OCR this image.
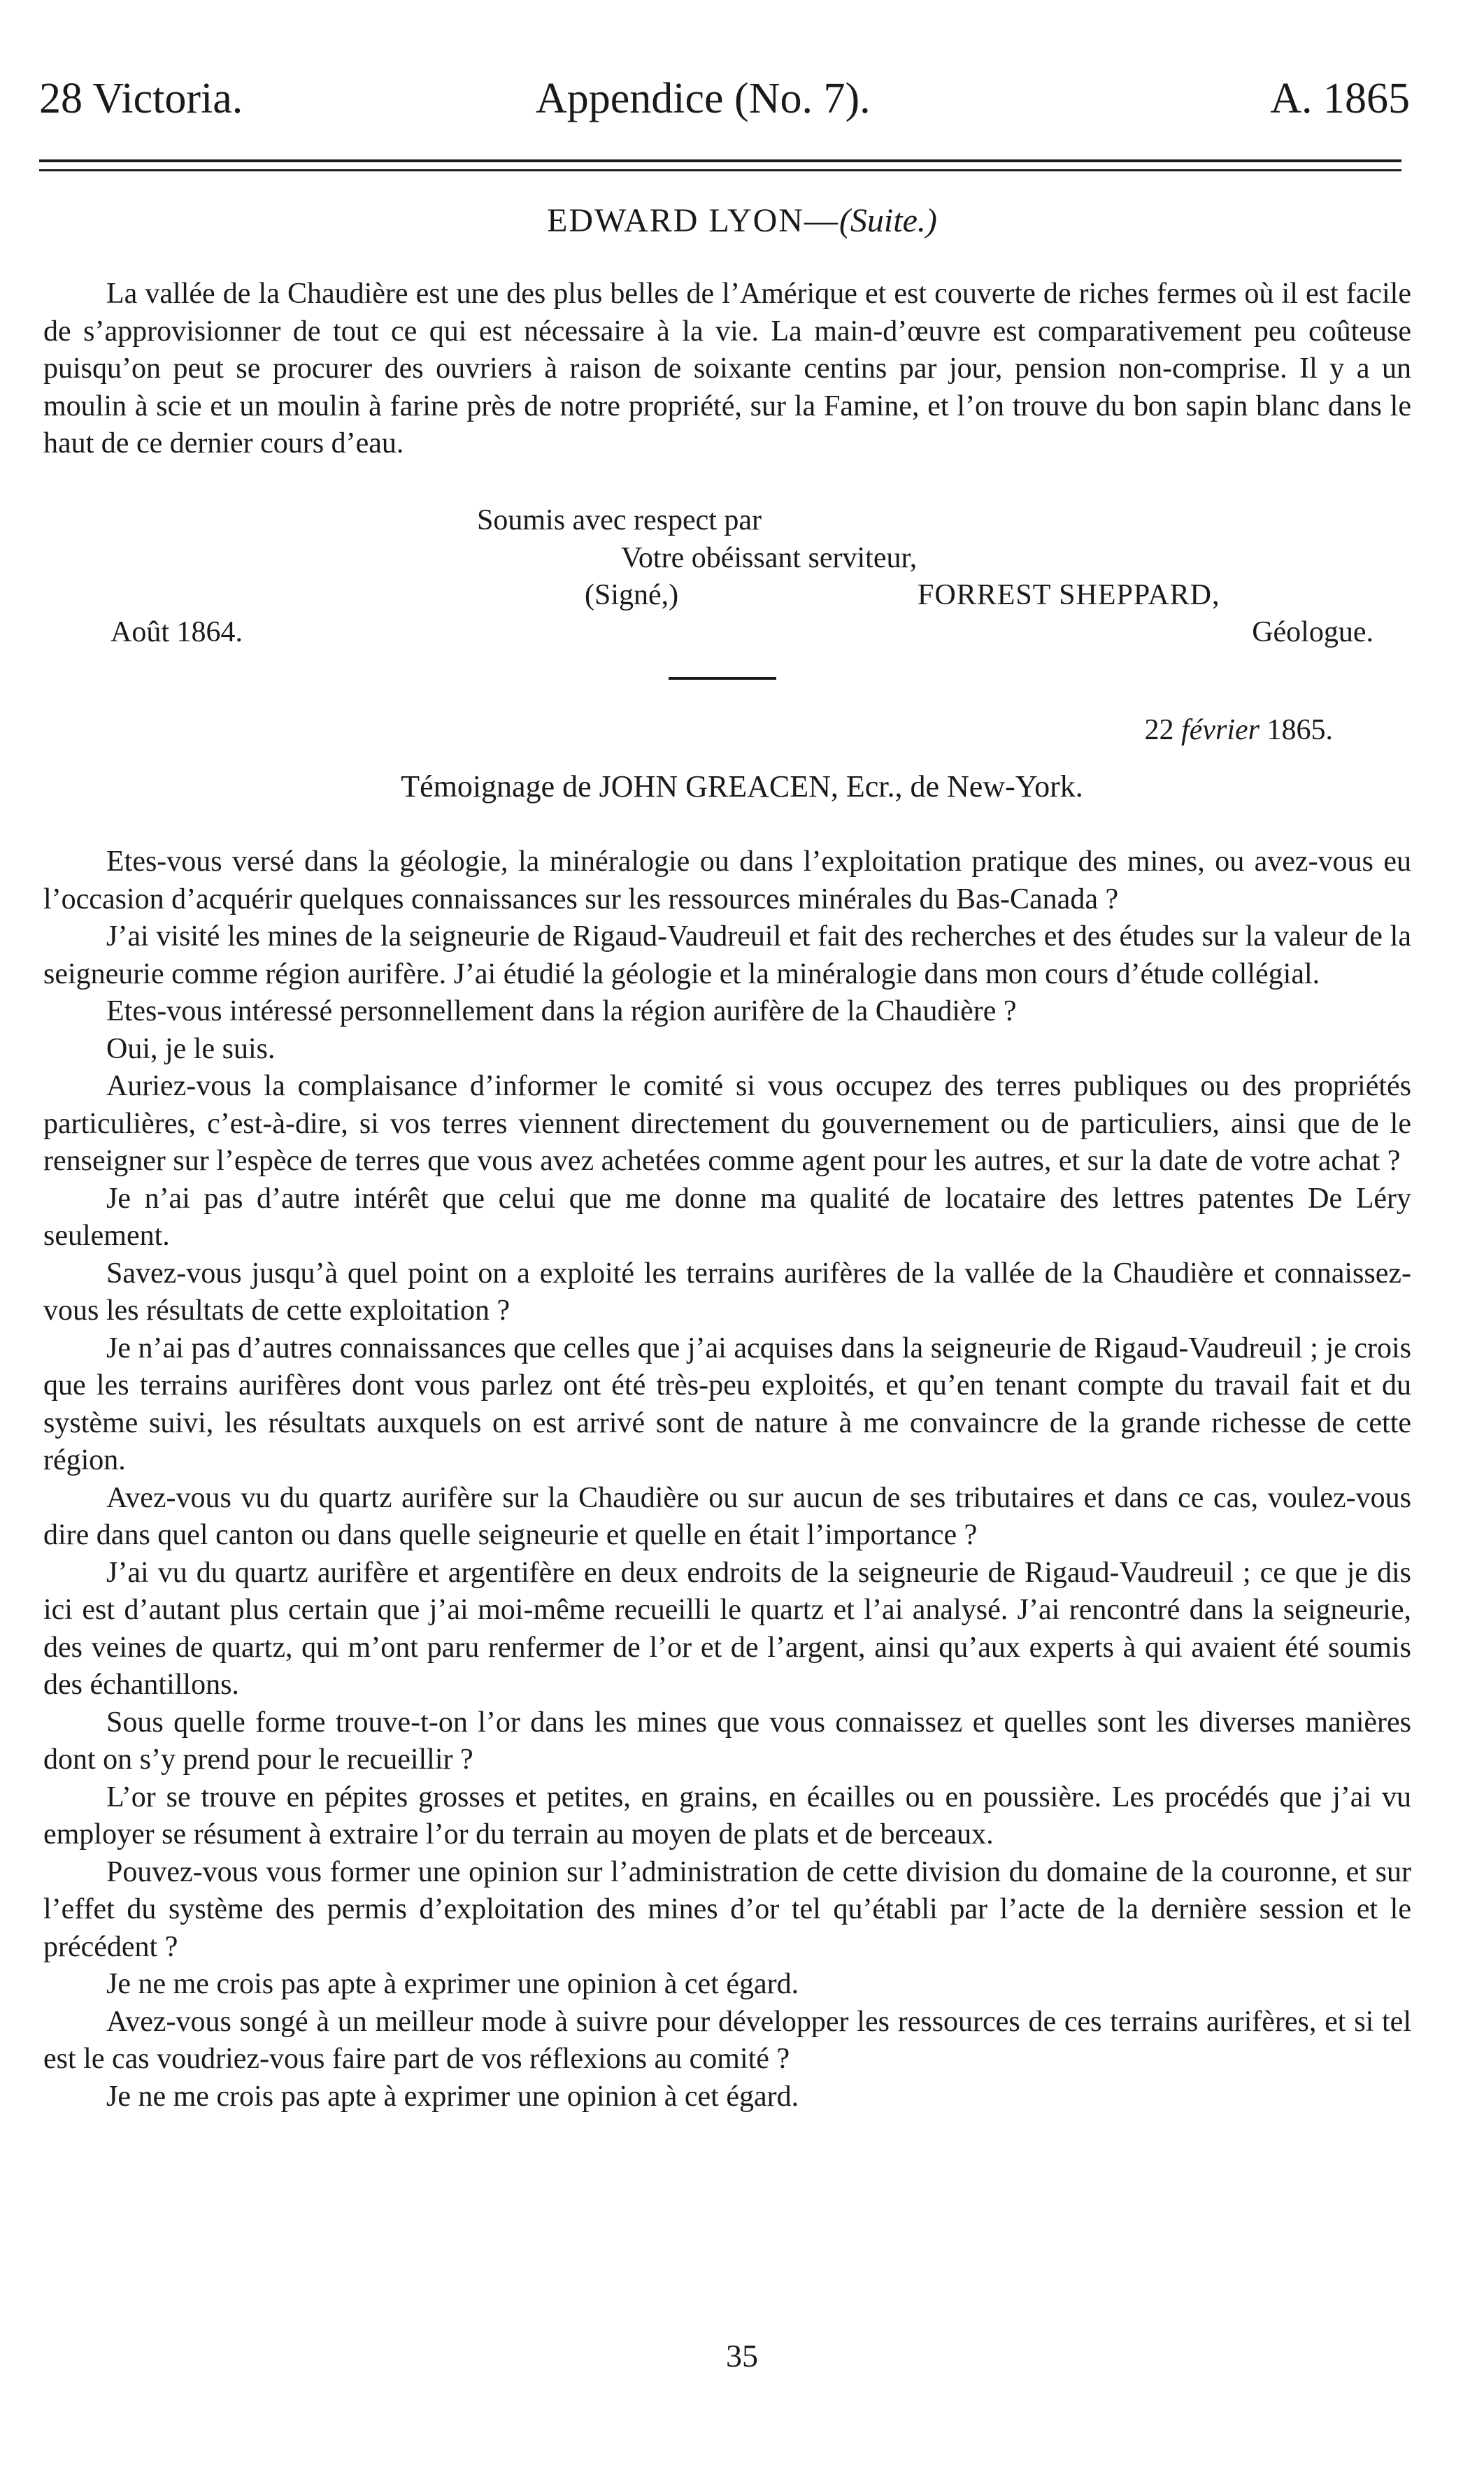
28 Victoria.	Appendice (No. 7).	A. 1865
EDWARD LYON—(Suite.)

La vallée de la Chaudière est une des plus belles de l’Amérique et est couverte de riches fermes où il est facile de s’approvisionner de tout ce qui est nécessaire à la vie. La main-d’œuvre est comparativement peu coûteuse puisqu’on peut se procurer des ouvriers à raison de soixante centins par jour, pension non-comprise. Il y a un moulin à scie et un moulin à farine près de notre propriété, sur la Famine, et l’on trouve du bon sapin blanc dans le haut de ce dernier cours d’eau.

Soumis avec respect par
Votre obéissant serviteur,
(Signé,)	FORREST SHEPPARD,
Août 1864.	Géologue.
22 février 1865.
Témoignage de JOHN GREACEN, Ecr., de New-York.

Etes-vous versé dans la géologie, la minéralogie ou dans l’exploitation pratique des mines, ou avez-vous eu l’occasion d’acquérir quelques connaissances sur les ressources minérales du Bas-Canada ?

J’ai visité les mines de la seigneurie de Rigaud-Vaudreuil et fait des recherches et des études sur la valeur de la seigneurie comme région aurifère. J’ai étudié la géologie et la minéralogie dans mon cours d’étude collégial.

Etes-vous intéressé personnellement dans la région aurifère de la Chaudière ?

Oui, je le suis.

Auriez-vous la complaisance d’informer le comité si vous occupez des terres publiques ou des propriétés particulières, c’est-à-dire, si vos terres viennent directement du gouvernement ou de particuliers, ainsi que de le renseigner sur l’espèce de terres que vous avez achetées comme agent pour les autres, et sur la date de votre achat ?

Je n’ai pas d’autre intérêt que celui que me donne ma qualité de locataire des lettres patentes De Léry seulement.

Savez-vous jusqu’à quel point on a exploité les terrains aurifères de la vallée de la Chaudière et connaissez-vous les résultats de cette exploitation ?

Je n’ai pas d’autres connaissances que celles que j’ai acquises dans la seigneurie de Rigaud-Vaudreuil ; je crois que les terrains aurifères dont vous parlez ont été très-peu exploités, et qu’en tenant compte du travail fait et du système suivi, les résultats auxquels on est arrivé sont de nature à me convaincre de la grande richesse de cette région.

Avez-vous vu du quartz aurifère sur la Chaudière ou sur aucun de ses tributaires et dans ce cas, voulez-vous dire dans quel canton ou dans quelle seigneurie et quelle en était l’importance ?

J’ai vu du quartz aurifère et argentifère en deux endroits de la seigneurie de Rigaud-Vaudreuil ; ce que je dis ici est d’autant plus certain que j’ai moi-même recueilli le quartz et l’ai analysé. J’ai rencontré dans la seigneurie, des veines de quartz, qui m’ont paru renfermer de l’or et de l’argent, ainsi qu’aux experts à qui avaient été soumis des échantillons.

Sous quelle forme trouve-t-on l’or dans les mines que vous connaissez et quelles sont les diverses manières dont on s’y prend pour le recueillir ?

L’or se trouve en pépites grosses et petites, en grains, en écailles ou en poussière. Les procédés que j’ai vu employer se résument à extraire l’or du terrain au moyen de plats et de berceaux.

Pouvez-vous vous former une opinion sur l’administration de cette division du domaine de la couronne, et sur l’effet du système des permis d’exploitation des mines d’or tel qu’établi par l’acte de la dernière session et le précédent ?

Je ne me crois pas apte à exprimer une opinion à cet égard.

Avez-vous songé à un meilleur mode à suivre pour développer les ressources de ces terrains aurifères, et si tel est le cas voudriez-vous faire part de vos réflexions au comité ?

Je ne me crois pas apte à exprimer une opinion à cet égard.

35
